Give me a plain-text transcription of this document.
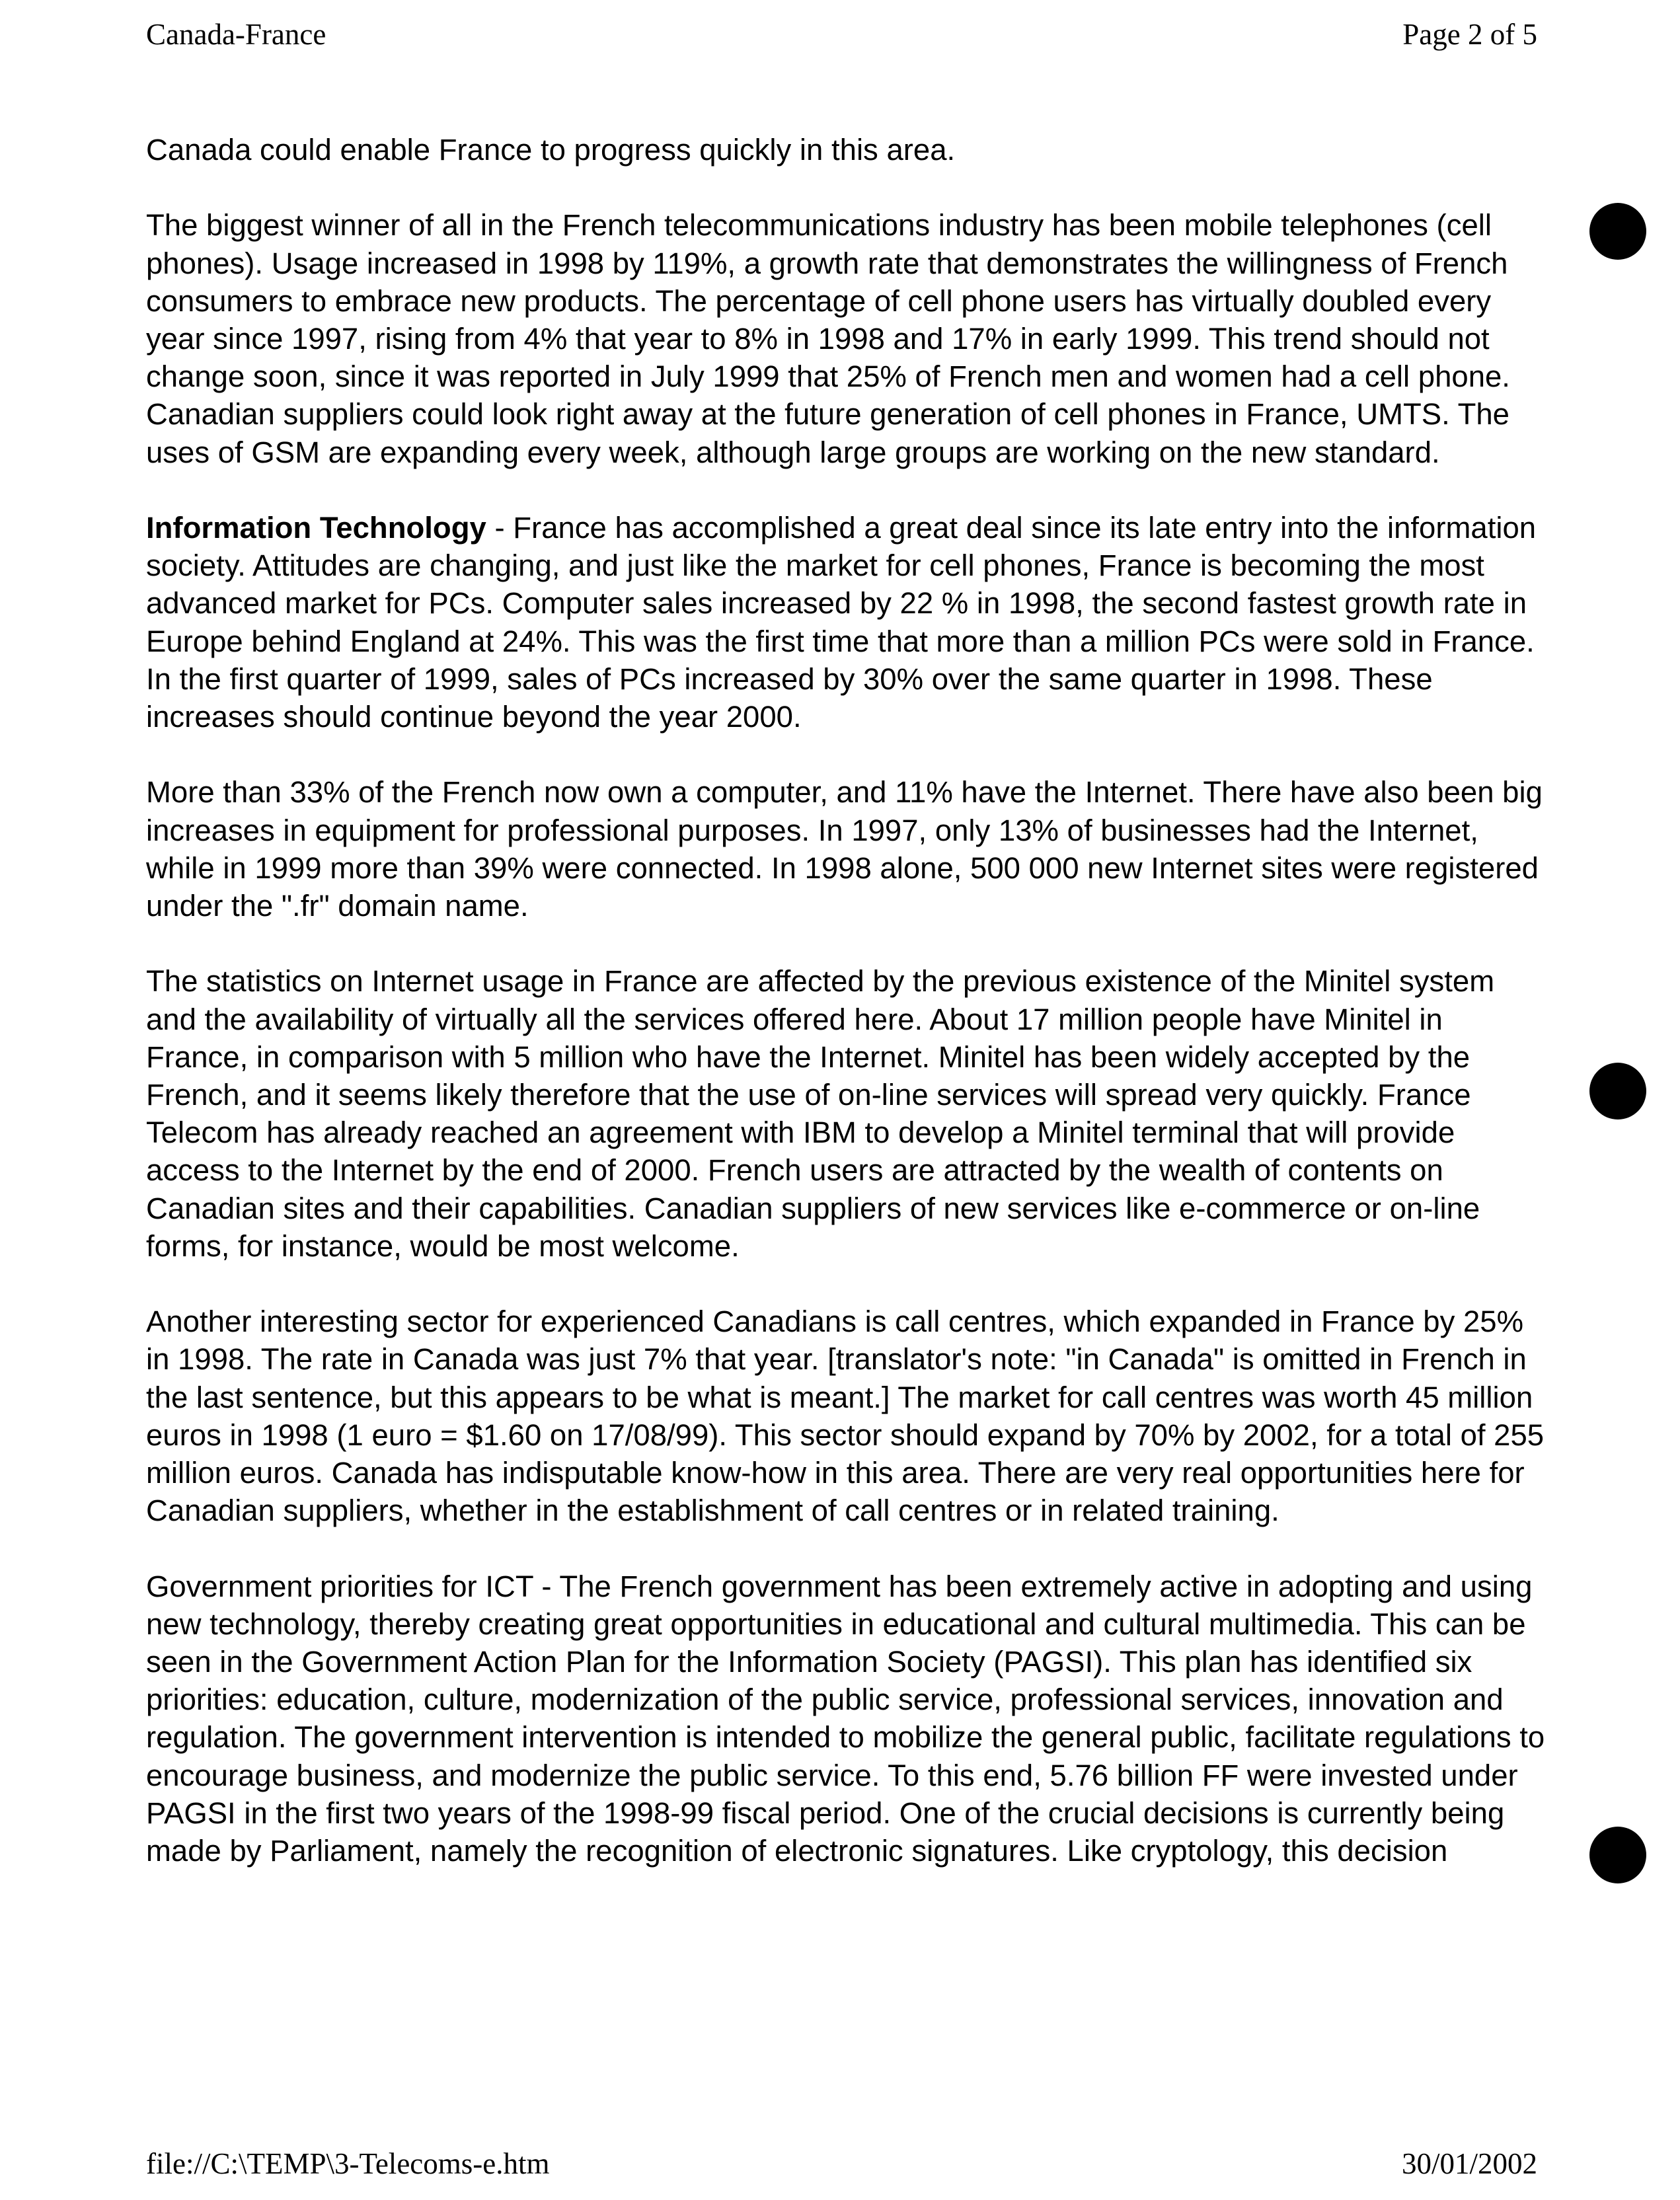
Canada-France	Page 2 of 5

Canada could enable France to progress quickly in this area.

The biggest winner of all in the French telecommunications industry has been mobile telephones (cell phones). Usage increased in 1998 by 119%, a growth rate that demonstrates the willingness of French consumers to embrace new products. The percentage of cell phone users has virtually doubled every year since 1997, rising from 4% that year to 8% in 1998 and 17% in early 1999. This trend should not change soon, since it was reported in July 1999 that 25% of French men and women had a cell phone. Canadian suppliers could look right away at the future generation of cell phones in France, UMTS. The uses of GSM are expanding every week, although large groups are working on the new standard.

Information Technology - France has accomplished a great deal since its late entry into the information society. Attitudes are changing, and just like the market for cell phones, France is becoming the most advanced market for PCs. Computer sales increased by 22 % in 1998, the second fastest growth rate in Europe behind England at 24%. This was the first time that more than a million PCs were sold in France. In the first quarter of 1999, sales of PCs increased by 30% over the same quarter in 1998. These increases should continue beyond the year 2000.

More than 33% of the French now own a computer, and 11% have the Internet. There have also been big increases in equipment for professional purposes. In 1997, only 13% of businesses had the Internet, while in 1999 more than 39% were connected. In 1998 alone, 500 000 new Internet sites were registered under the ".fr" domain name.

The statistics on Internet usage in France are affected by the previous existence of the Minitel system and the availability of virtually all the services offered here. About 17 million people have Minitel in France, in comparison with 5 million who have the Internet. Minitel has been widely accepted by the French, and it seems likely therefore that the use of on-line services will spread very quickly. France Telecom has already reached an agreement with IBM to develop a Minitel terminal that will provide access to the Internet by the end of 2000. French users are attracted by the wealth of contents on Canadian sites and their capabilities. Canadian suppliers of new services like e-commerce or on-line forms, for instance, would be most welcome.

Another interesting sector for experienced Canadians is call centres, which expanded in France by 25% in 1998. The rate in Canada was just 7% that year. [translator's note: "in Canada" is omitted in French in the last sentence, but this appears to be what is meant.] The market for call centres was worth 45 million euros in 1998 (1 euro = $1.60 on 17/08/99). This sector should expand by 70% by 2002, for a total of 255 million euros. Canada has indisputable know-how in this area. There are very real opportunities here for Canadian suppliers, whether in the establishment of call centres or in related training.

Government priorities for ICT - The French government has been extremely active in adopting and using new technology, thereby creating great opportunities in educational and cultural multimedia. This can be seen in the Government Action Plan for the Information Society (PAGSI). This plan has identified six priorities: education, culture, modernization of the public service, professional services, innovation and regulation. The government intervention is intended to mobilize the general public, facilitate regulations to encourage business, and modernize the public service. To this end, 5.76 billion FF were invested under PAGSI in the first two years of the 1998-99 fiscal period. One of the crucial decisions is currently being made by Parliament, namely the recognition of electronic signatures. Like cryptology, this decision

file://C:\TEMP\3-Telecoms-e.htm	30/01/2002
